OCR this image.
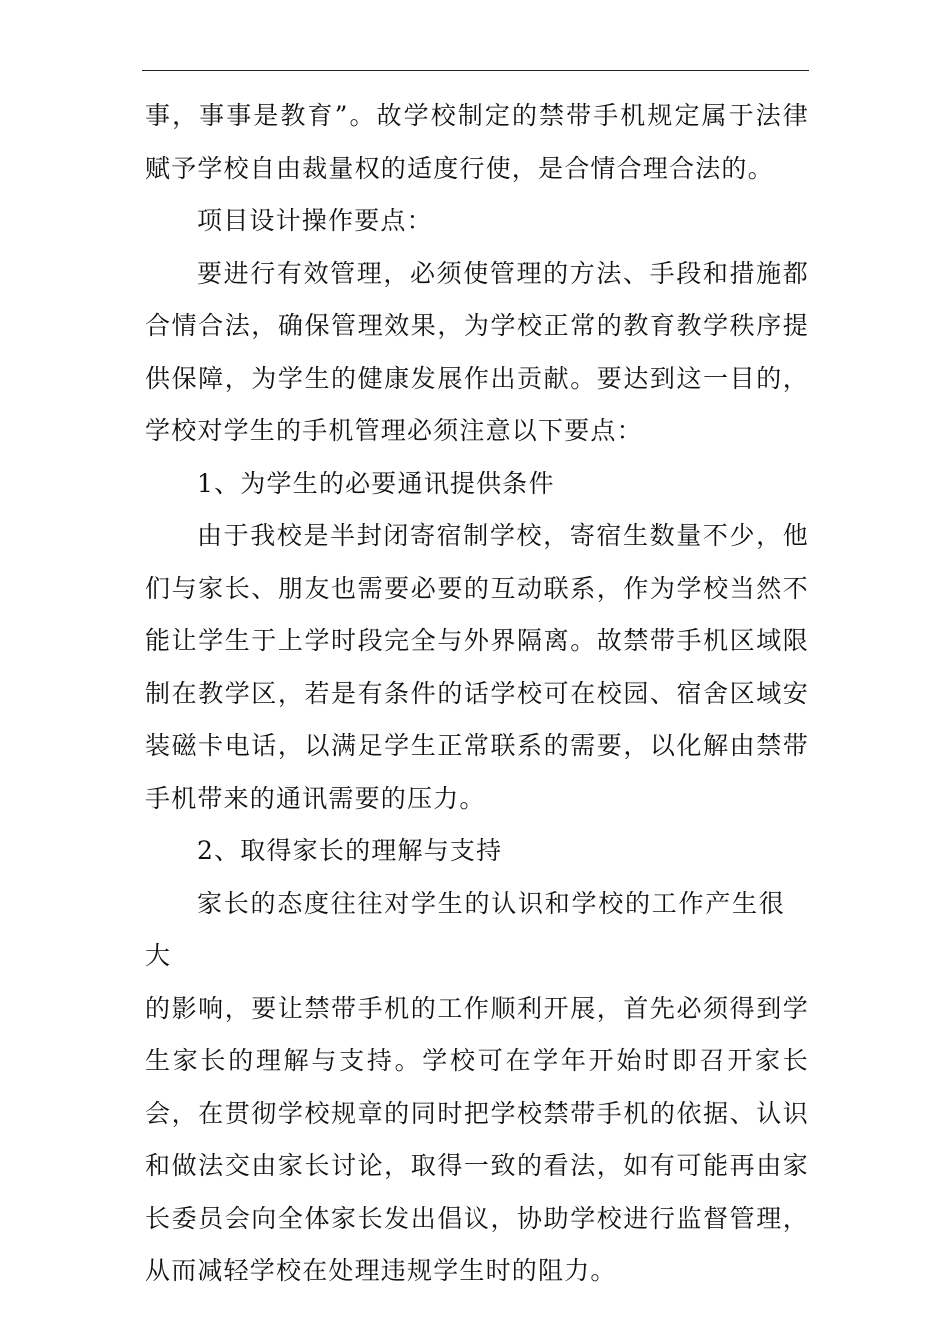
事，事事是教育”。故学校制定的禁带手机规定属于法律赋予学校自由裁量权的适度行使，是合情合理合法的。

项目设计操作要点：

要进行有效管理，必须使管理的方法、手段和措施都合情合法，确保管理效果，为学校正常的教育教学秩序提供保障，为学生的健康发展作出贡献。要达到这一目的，学校对学生的手机管理必须注意以下要点：

1、为学生的必要通讯提供条件

由于我校是半封闭寄宿制学校，寄宿生数量不少，他们与家长、朋友也需要必要的互动联系，作为学校当然不能让学生于上学时段完全与外界隔离。故禁带手机区域限制在教学区，若是有条件的话学校可在校园、宿舍区域安装磁卡电话，以满足学生正常联系的需要，以化解由禁带手机带来的通讯需要的压力。

2、取得家长的理解与支持

家长的态度往往对学生的认识和学校的工作产生很大

的影响，要让禁带手机的工作顺利开展，首先必须得到学生家长的理解与支持。学校可在学年开始时即召开家长会，在贯彻学校规章的同时把学校禁带手机的依据、认识和做法交由家长讨论，取得一致的看法，如有可能再由家长委员会向全体家长发出倡议，协助学校进行监督管理，从而减轻学校在处理违规学生时的阻力。
